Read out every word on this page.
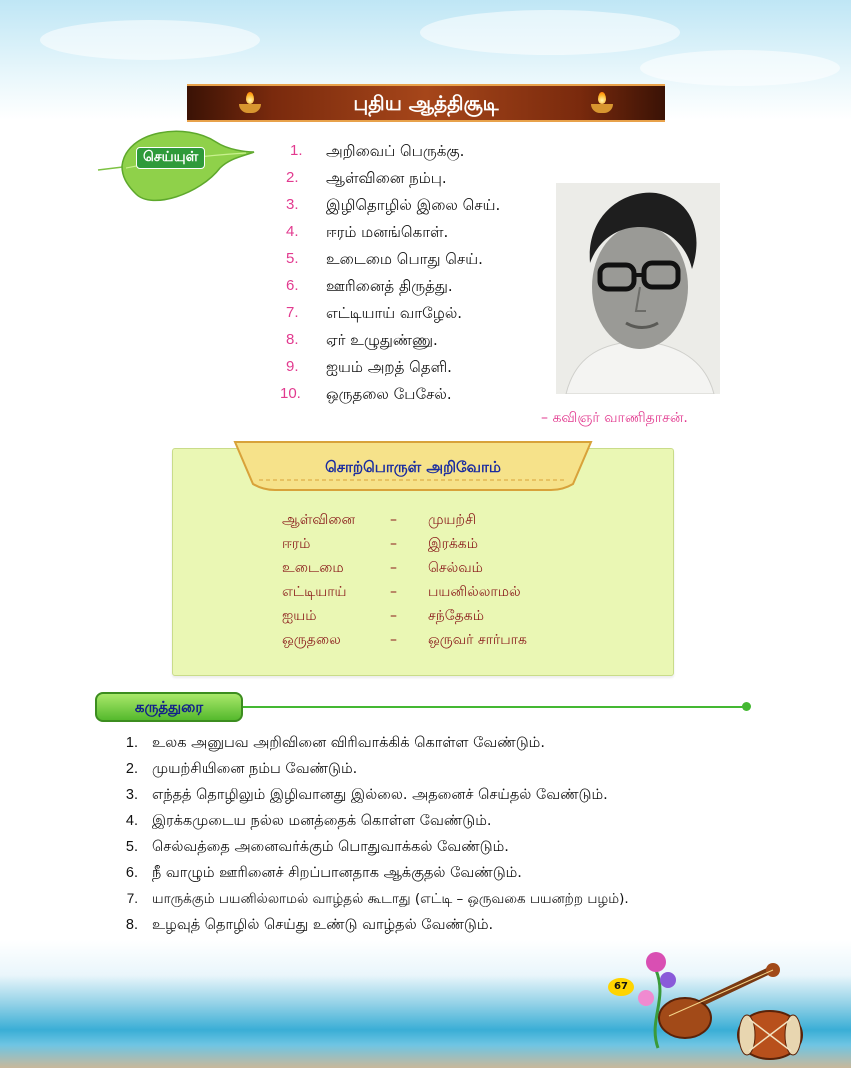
புதிய ஆத்திசூடி
செய்யுள்	1. அறிவைப் பெருக்கு.
2. ஆள்வினை நம்பு.
3. இழிதொழில் இலை செய்.
4. ஈரம் மனங்கொள்.
5. உடைமை பொது செய்.
6. ஊரினைத் திருத்து.
7. எட்டியாய் வாழேல்.
8. ஏர் உழுதுண்ணு.
9. ஐயம் அறத் தெளி.
10. ஒருதலை பேசேல்.
– கவிஞர் வாணிதாசன்.
சொற்பொருள் அறிவோம்
ஆள்வினை – முயற்சி
ஈரம்	– இரக்கம்
உடைமை	– செல்வம்
எட்டியாய்	– பயனில்லாமல்
ஐயம்	– சந்தேகம்
ஒருதலை	– ஒருவர் சார்பாக
கருத்துரை
1. உலக அனுபவ அறிவினை விரிவாக்கிக் கொள்ள வேண்டும்.
2. முயற்சியினை நம்ப வேண்டும்.
3. எந்தத் தொழிலும் இழிவானது இல்லை. அதனைச் செய்தல் வேண்டும்.
4. இரக்கமுடைய நல்ல மனத்தைக் கொள்ள வேண்டும்.
5. செல்வத்தை அனைவர்க்கும் பொதுவாக்கல் வேண்டும்.
6. நீ வாழும் ஊரினைச் சிறப்பானதாக ஆக்குதல் வேண்டும்.
7. யாருக்கும் பயனில்லாமல் வாழ்தல் கூடாது (எட்டி – ஒருவகை பயனற்ற பழம்).
8. உழவுத் தொழில் செய்து உண்டு வாழ்தல் வேண்டும்.
67
